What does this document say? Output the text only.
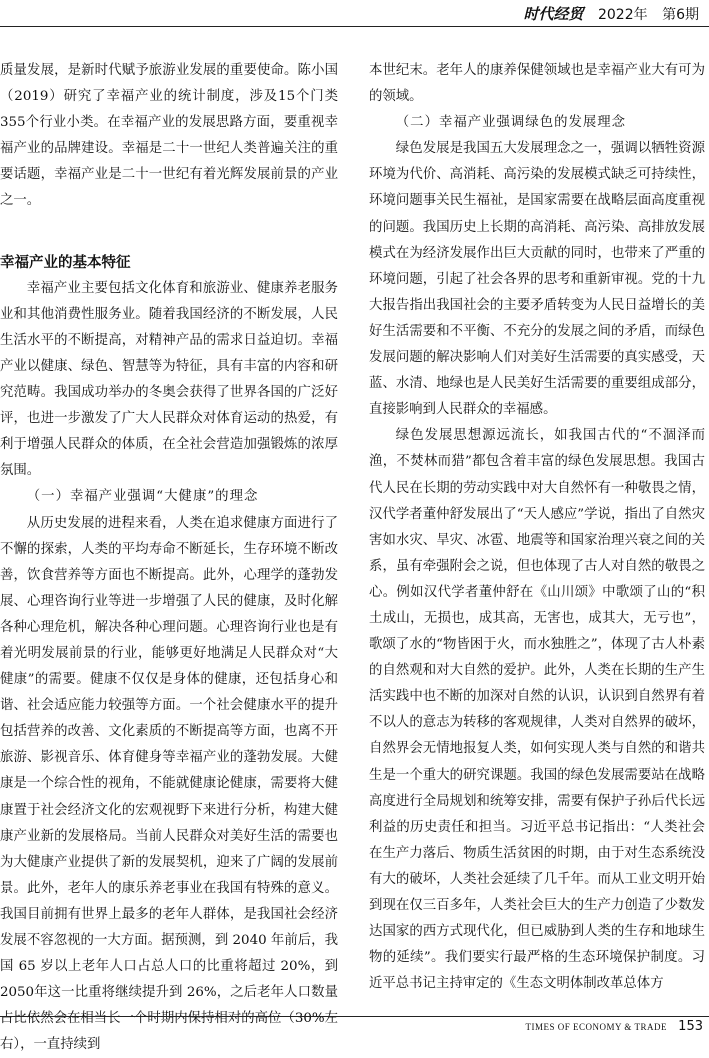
时代经贸 2022年 第6期

质量发展，是新时代赋予旅游业发展的重要使命。陈小国（2019）研究了幸福产业的统计制度，涉及15个门类355个行业小类。在幸福产业的发展思路方面，要重视幸福产业的品牌建设。幸福是二十一世纪人类普遍关注的重要话题，幸福产业是二十一世纪有着光辉发展前景的产业之一。

幸福产业的基本特征

幸福产业主要包括文化体育和旅游业、健康养老服务业和其他消费性服务业。随着我国经济的不断发展，人民生活水平的不断提高，对精神产品的需求日益迫切。幸福产业以健康、绿色、智慧等为特征，具有丰富的内容和研究范畴。我国成功举办的冬奥会获得了世界各国的广泛好评，也进一步激发了广大人民群众对体育运动的热爱，有利于增强人民群众的体质，在全社会营造加强锻炼的浓厚氛围。

（一）幸福产业强调“大健康”的理念

从历史发展的进程来看，人类在追求健康方面进行了不懈的探索，人类的平均寿命不断延长，生存环境不断改善，饮食营养等方面也不断提高。此外，心理学的蓬勃发展、心理咨询行业等进一步增强了人民的健康，及时化解各种心理危机，解决各种心理问题。心理咨询行业也是有着光明发展前景的行业，能够更好地满足人民群众对“大健康”的需要。健康不仅仅是身体的健康，还包括身心和谐、社会适应能力较强等方面。一个社会健康水平的提升包括营养的改善、文化素质的不断提高等方面，也离不开旅游、影视音乐、体育健身等幸福产业的蓬勃发展。大健康是一个综合性的视角，不能就健康论健康，需要将大健康置于社会经济文化的宏观视野下来进行分析，构建大健康产业新的发展格局。当前人民群众对美好生活的需要也为大健康产业提供了新的发展契机，迎来了广阔的发展前景。此外，老年人的康乐养老事业在我国有特殊的意义。我国目前拥有世界上最多的老年人群体，是我国社会经济发展不容忽视的一大方面。据预测，到 2040 年前后，我国 65 岁以上老年人口占总人口的比重将超过 20%，到 2050年这一比重将继续提升到 26%，之后老年人口数量占比依然会在相当长一个时期内保持相对的高位（30%左右），一直持续到

本世纪末。老年人的康养保健领域也是幸福产业大有可为的领域。

（二）幸福产业强调绿色的发展理念

绿色发展是我国五大发展理念之一，强调以牺牲资源环境为代价、高消耗、高污染的发展模式缺乏可持续性，环境问题事关民生福祉，是国家需要在战略层面高度重视的问题。我国历史上长期的高消耗、高污染、高排放发展模式在为经济发展作出巨大贡献的同时，也带来了严重的环境问题，引起了社会各界的思考和重新审视。党的十九大报告指出我国社会的主要矛盾转变为人民日益增长的美好生活需要和不平衡、不充分的发展之间的矛盾，而绿色发展问题的解决影响人们对美好生活需要的真实感受，天蓝、水清、地绿也是人民美好生活需要的重要组成部分，直接影响到人民群众的幸福感。

绿色发展思想源远流长，如我国古代的“不涸泽而渔，不焚林而猎”都包含着丰富的绿色发展思想。我国古代人民在长期的劳动实践中对大自然怀有一种敬畏之情，汉代学者董仲舒发展出了“天人感应”学说，指出了自然灾害如水灾、旱灾、冰雹、地震等和国家治理兴衰之间的关系，虽有牵强附会之说，但也体现了古人对自然的敬畏之心。例如汉代学者董仲舒在《山川颂》中歌颂了山的“积土成山，无损也，成其高，无害也，成其大，无亏也”，歌颂了水的“物皆困于火，而水独胜之”，体现了古人朴素的自然观和对大自然的爱护。此外，人类在长期的生产生活实践中也不断的加深对自然的认识，认识到自然界有着不以人的意志为转移的客观规律，人类对自然界的破坏，自然界会无情地报复人类，如何实现人类与自然的和谐共生是一个重大的研究课题。我国的绿色发展需要站在战略高度进行全局规划和统筹安排，需要有保护子孙后代长远利益的历史责任和担当。习近平总书记指出：“人类社会在生产力落后、物质生活贫困的时期，由于对生态系统没有大的破坏，人类社会延续了几千年。而从工业文明开始到现在仅三百多年，人类社会巨大的生产力创造了少数发达国家的西方式现代化，但已威胁到人类的生存和地球生物的延续”。我们要实行最严格的生态环境保护制度。习近平总书记主持审定的《生态文明体制改革总体方

TIMES OF ECONOMY & TRADE 153
